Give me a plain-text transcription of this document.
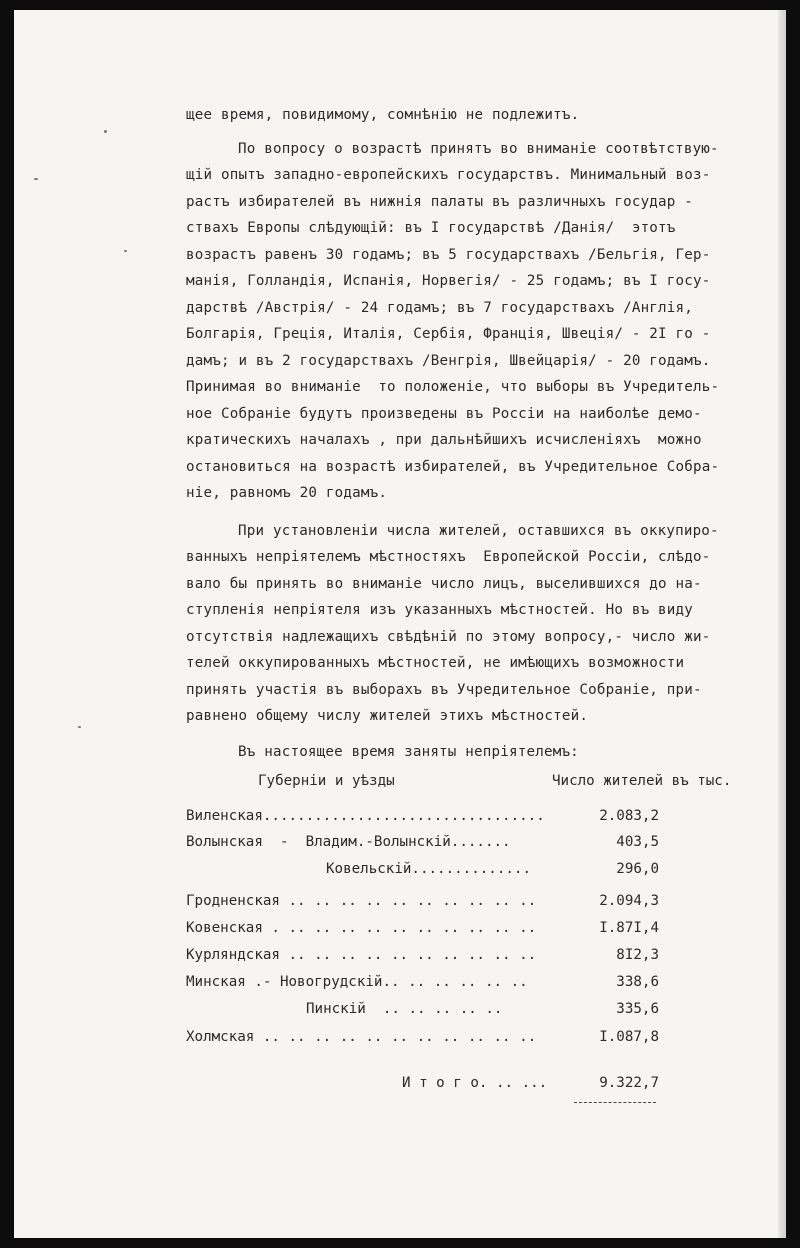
щее время, повидимому, сомнѣнію не подлежитъ.
По вопросу о возрастѣ принятъ во вниманіе соотвѣтствую-
щій опытъ западно-европейскихъ государствъ. Минимальный воз-
растъ избирателей въ нижнія палаты въ различныхъ государ -
ствахъ Европы слѣдующій: въ I государствѣ /Данія/  этотъ
возрастъ равенъ 30 годамъ; въ 5 государствахъ /Бельгія, Гер-
манія, Голландія, Испанія, Норвегія/ - 25 годамъ; въ I госу-
дарствѣ /Австрія/ - 24 годамъ; въ 7 государствахъ /Англія,
Болгарія, Греція, Италія, Сербія, Франція, Швеція/ - 2I го -
дамъ; и въ 2 государствахъ /Венгрія, Швейцарія/ - 20 годамъ.
Принимая во вниманіе  то положеніе, что выборы въ Учредитель-
ное Собраніе будутъ произведены въ Россіи на наиболѣе демо-
кратическихъ началахъ , при дальнѣйшихъ исчисленіяхъ  можно
остановиться на возрастѣ избирателей, въ Учредительное Собра-
ніе, равномъ 20 годамъ.
При установленіи числа жителей, оставшихся въ оккупиро-
ванныхъ непріятелемъ мѣстностяхъ  Европейской Россіи, слѣдо-
вало бы принять во вниманіе число лицъ, выселившихся до на-
ступленія непріятеля изъ указанныхъ мѣстностей. Но въ виду
отсутствія надлежащихъ свѣдѣній по этому вопросу,- число жи-
телей оккупированныхъ мѣстностей, не имѣющихъ возможности
принять участія въ выборахъ въ Учредительное Собраніе, при-
равнено общему числу жителей этихъ мѣстностей.
Въ настоящее время заняты непріятелемъ:
Губерніи и уѣзды	Число жителей въ тыс.
Виленская.................................	2.083,2
Волынская  -  Владим.-Волынскій.......	403,5
Ковельскій..............	296,0
Гродненская .. .. .. .. .. .. .. .. .. ..	2.094,3
Ковенская . .. .. .. .. .. .. .. .. .. ..	I.87I,4
Курляндская .. .. .. .. .. .. .. .. .. ..	8I2,3
Минская .- Новогрудскій.. .. .. .. .. ..	338,6
Пинскій  .. .. .. .. ..	335,6
Холмская .. .. .. .. .. .. .. .. .. .. ..	I.087,8
И т о г о. .. ...	9.322,7
